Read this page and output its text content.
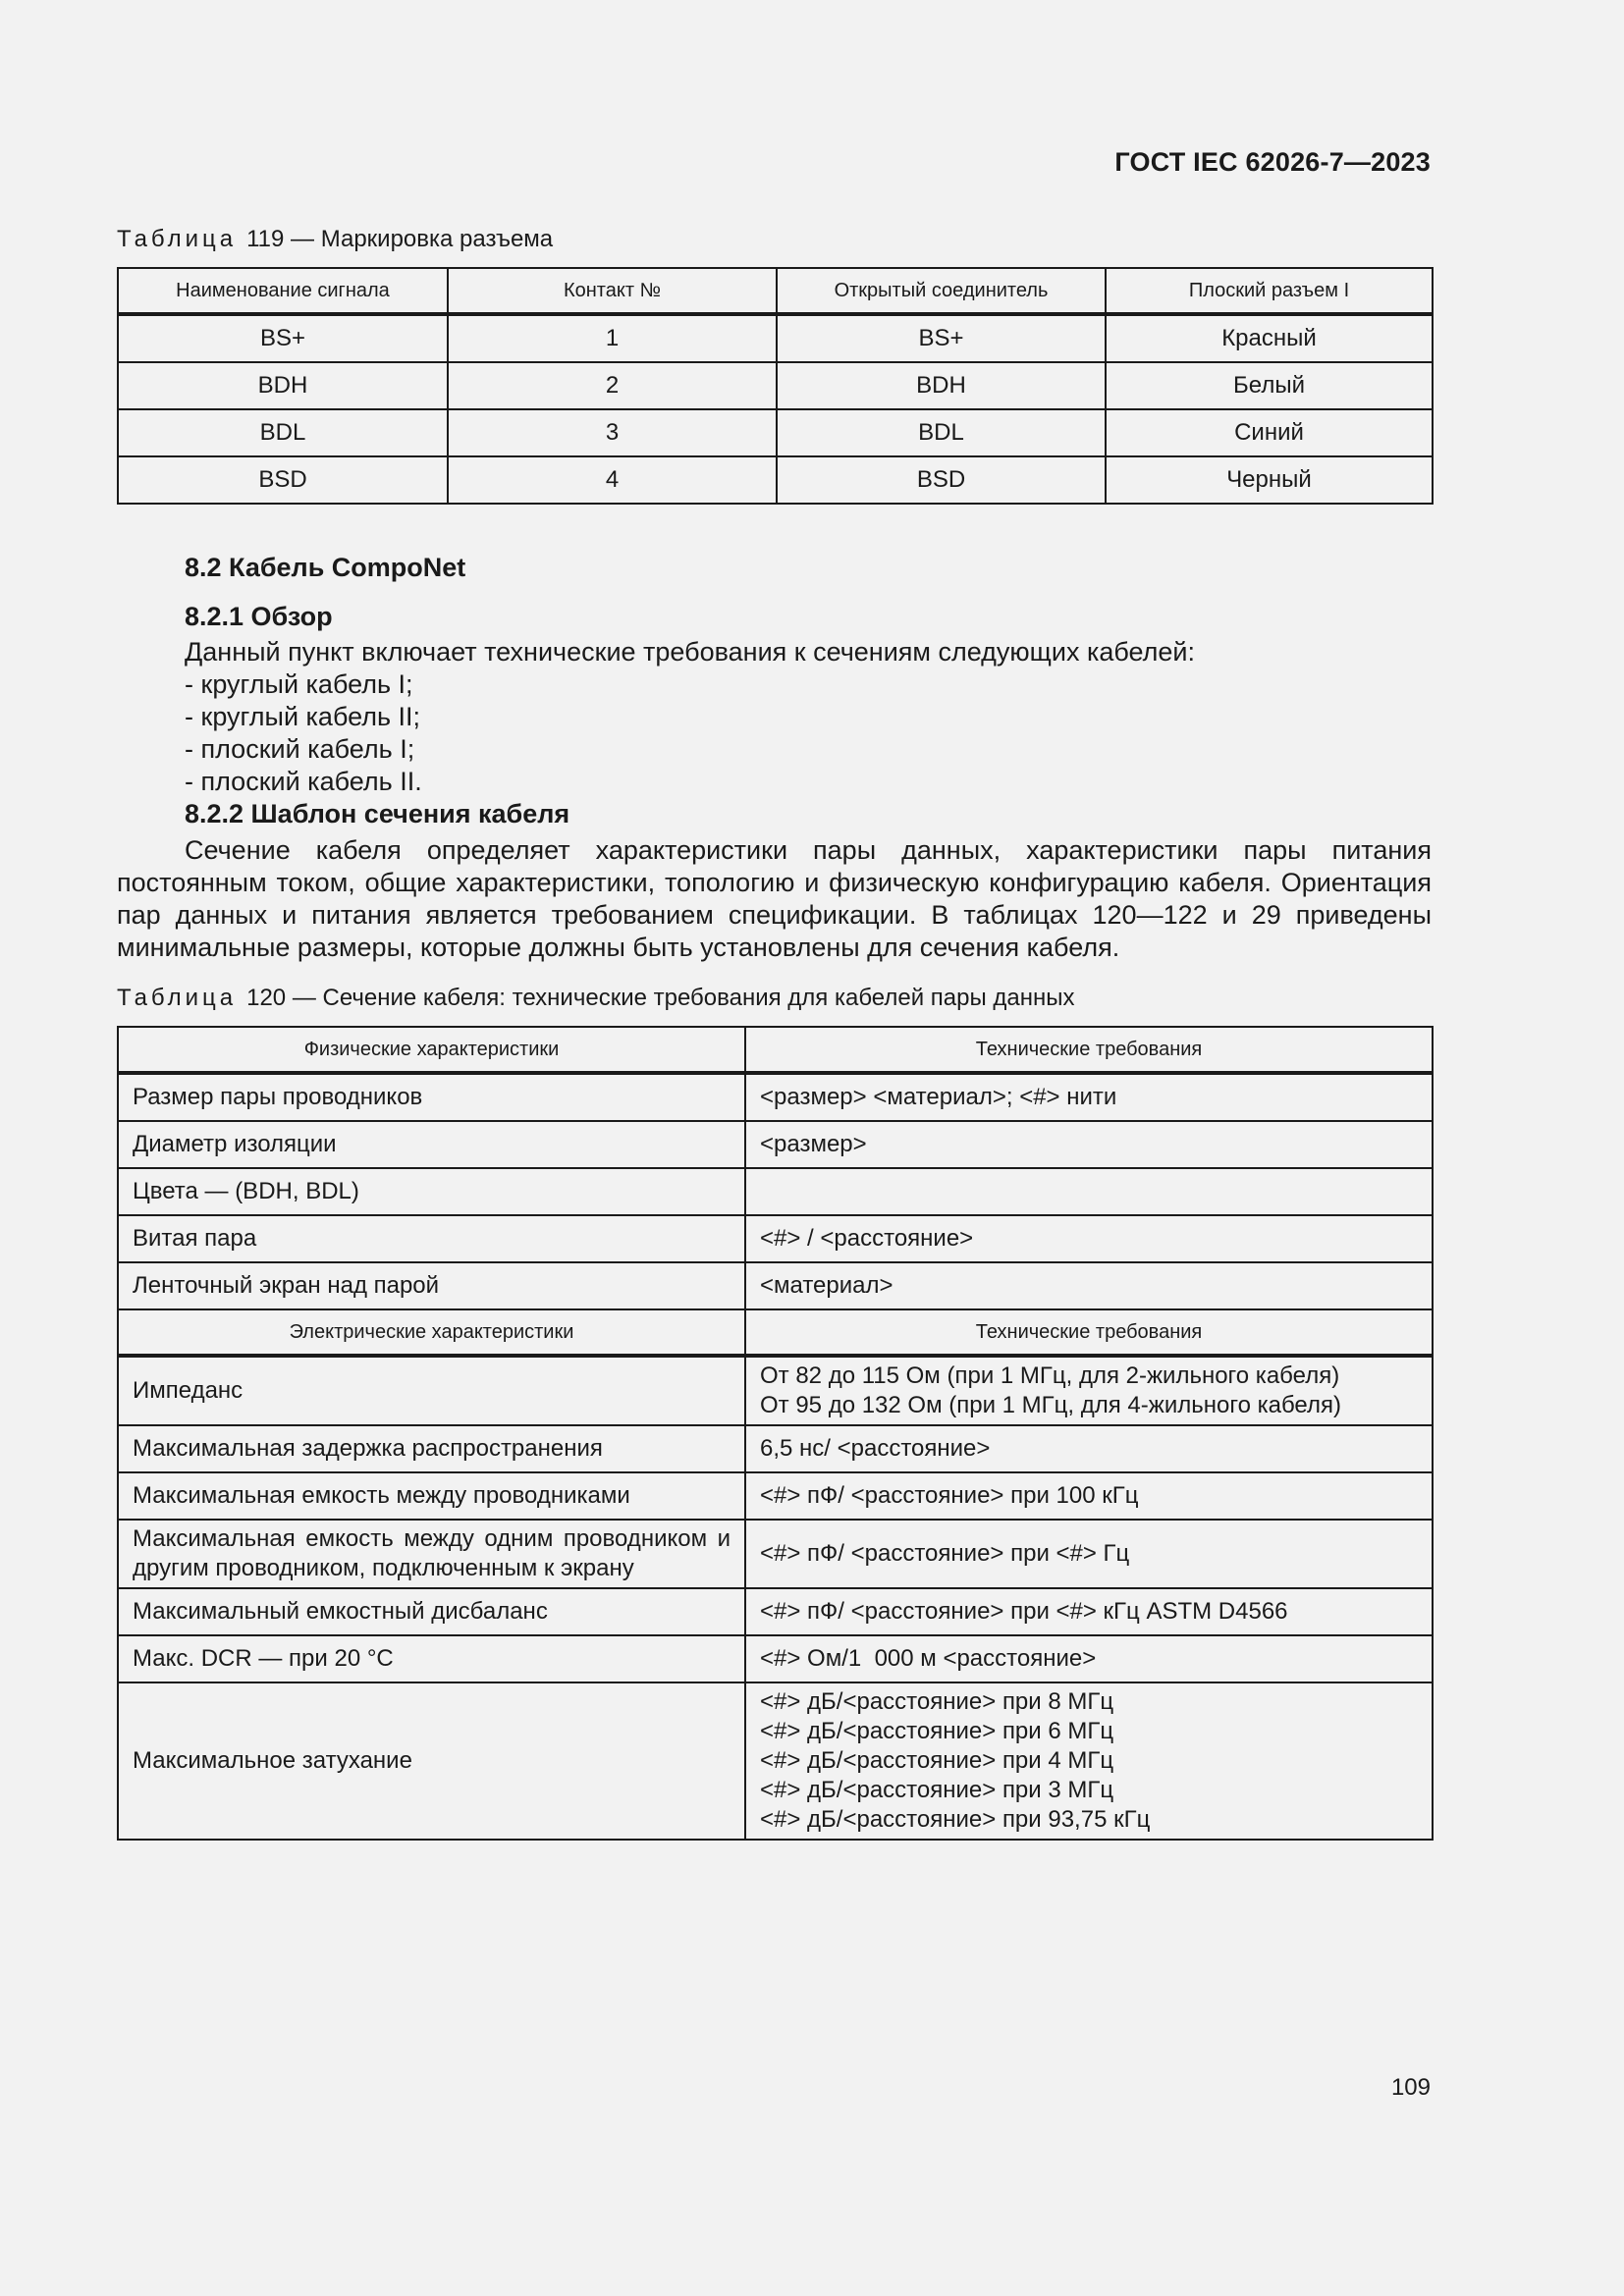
ГОСТ IEC 62026-7—2023
Таблица 119 — Маркировка разъема
Наименование сигнала	Контакт №	Открытый соединитель	Плоский разъем I
BS+	1	BS+	Красный
BDH	2	BDH	Белый
BDL	3	BDL	Синий
BSD	4	BSD	Черный
8.2 Кабель CompoNet
8.2.1 Обзор
Данный пункт включает технические требования к сечениям следующих кабелей:
- круглый кабель I;
- круглый кабель II;
- плоский кабель I;
- плоский кабель II.
8.2.2 Шаблон сечения кабеля
Сечение кабеля определяет характеристики пары данных, характеристики пары питания постоянным током, общие характеристики, топологию и физическую конфигурацию кабеля. Ориентация пар данных и питания является требованием спецификации. В таблицах 120—122 и 29 приведены минимальные размеры, которые должны быть установлены для сечения кабеля.
Таблица 120 — Сечение кабеля: технические требования для кабелей пары данных
Физические характеристики	Технические требования
Размер пары проводников	<размер> <материал>; <#> нити
Диаметр изоляции	<размер>
Цвета — (BDH, BDL)	
Витая пара	<#> / <расстояние>
Ленточный экран над парой	<материал>
Электрические характеристики	Технические требования
Импеданс	От 82 до 115 Ом (при 1 МГц, для 2-жильного кабеля)
От 95 до 132 Ом (при 1 МГц, для 4-жильного кабеля)

Максимальная задержка распространения	6,5 нс/ <расстояние>
Максимальная емкость между проводниками	<#> пФ/ <расстояние> при 100 кГц
Максимальная емкость между одним проводником и другим проводником, подключенным к экрану	<#> пФ/ <расстояние> при <#> Гц
Максимальный емкостный дисбаланс	<#> пФ/ <расстояние> при <#> кГц ASTM D4566
Макс. DCR — при 20 °С	<#> Ом/1  000 м <расстояние>
Максимальное затухание	<#> дБ/<расстояние> при 8 МГц
<#> дБ/<расстояние> при 6 МГц
<#> дБ/<расстояние> при 4 МГц
<#> дБ/<расстояние> при 3 МГц
<#> дБ/<расстояние> при 93,75 кГц
109
